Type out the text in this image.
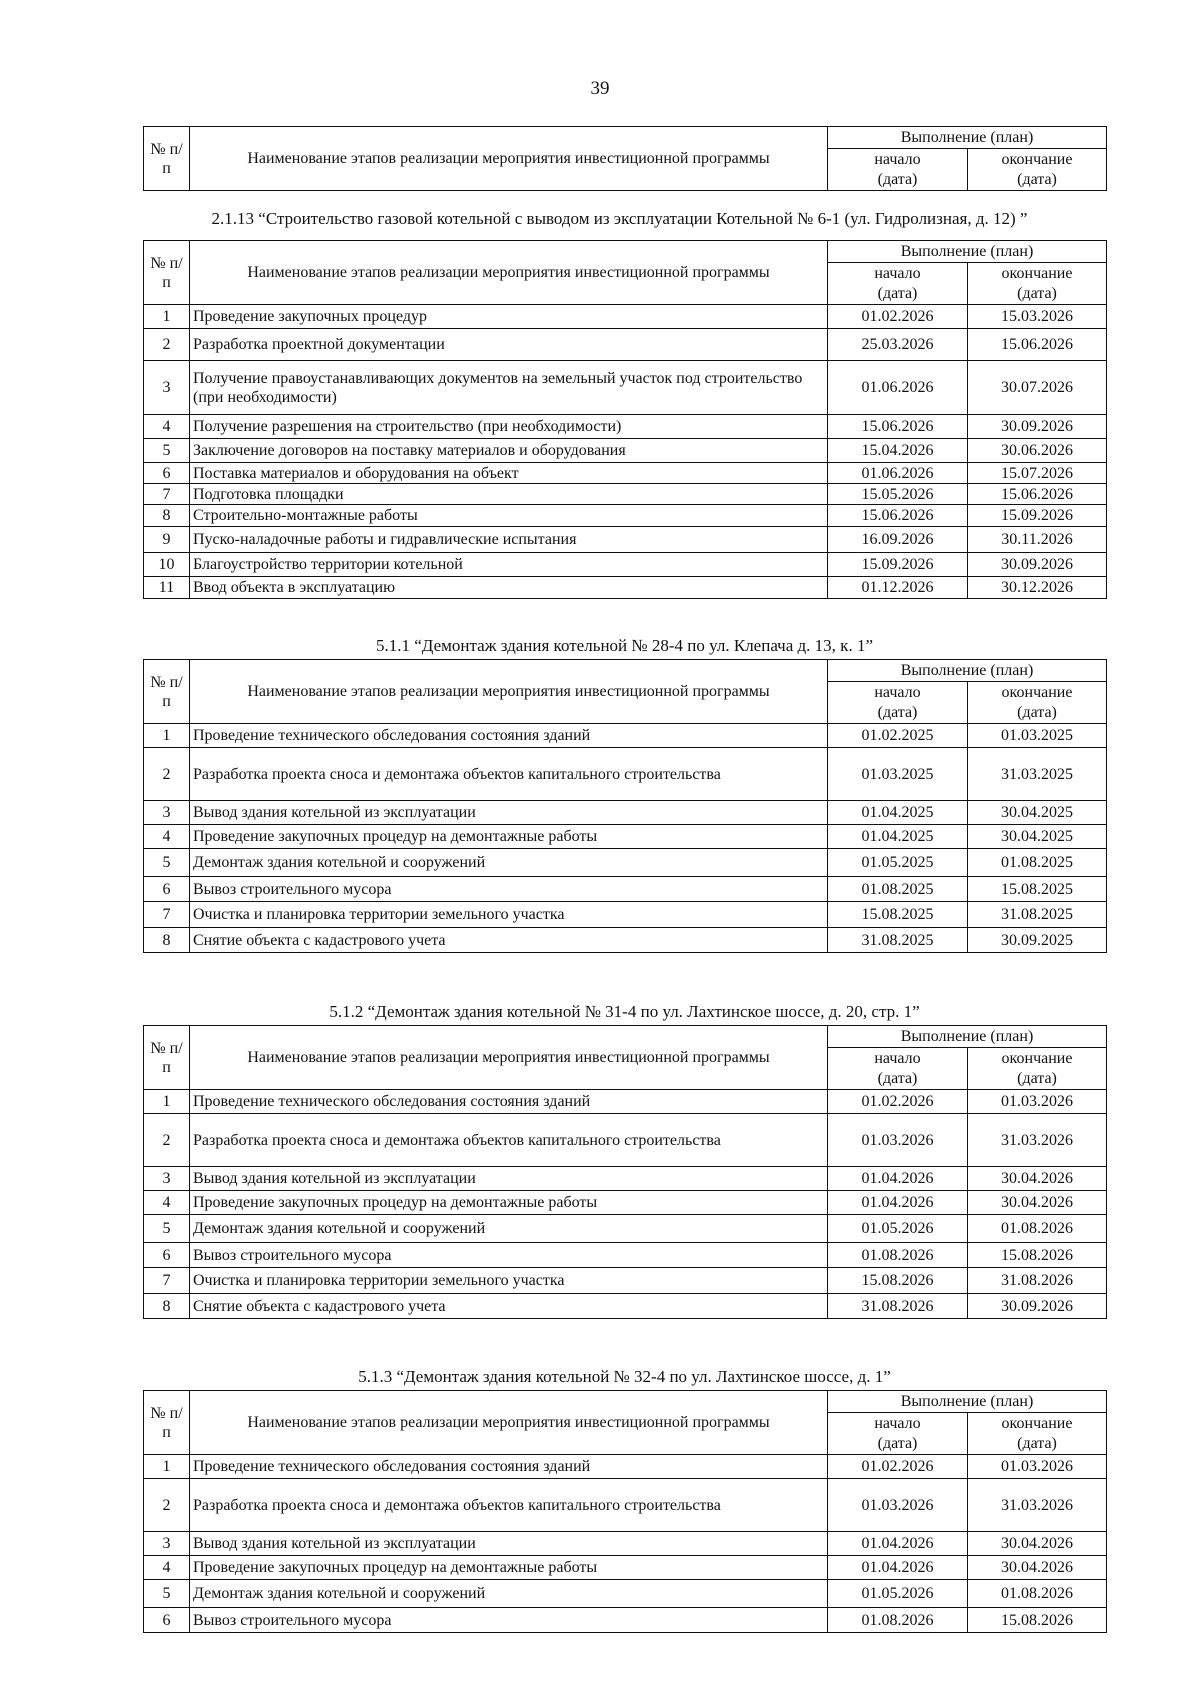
39
№ п/п	Наименование этапов реализации мероприятия инвестиционной программы	Выполнение (план)	
		начало	окончание
		(дата)	(дата)
2.1.13 “Строительство газовой котельной с выводом из эксплуатации Котельной № 6-1 (ул. Гидролизная, д. 12) ”
№ п/п	Наименование этапов реализации мероприятия инвестиционной программы	Выполнение (план)	
		начало	окончание
		(дата)	(дата)
1	Проведение закупочных процедур	01.02.2026	15.03.2026
2	Разработка проектной документации	25.03.2026	15.06.2026
3	Получение правоустанавливающих документов на земельный участок под строительство (при необходимости)	01.06.2026	30.07.2026
4	Получение разрешения на строительство (при необходимости)	15.06.2026	30.09.2026
5	Заключение договоров на поставку материалов и оборудования	15.04.2026	30.06.2026
6	Поставка материалов и оборудования на объект	01.06.2026	15.07.2026
7	Подготовка площадки	15.05.2026	15.06.2026
8	Строительно-монтажные работы	15.06.2026	15.09.2026
9	Пуско-наладочные работы и гидравлические испытания	16.09.2026	30.11.2026
10	Благоустройство территории котельной	15.09.2026	30.09.2026
11	Ввод объекта в эксплуатацию	01.12.2026	30.12.2026
5.1.1 “Демонтаж здания котельной № 28-4 по ул. Клепача д. 13, к. 1”
№ п/п	Наименование этапов реализации мероприятия инвестиционной программы	Выполнение (план)	
		начало	окончание
		(дата)	(дата)
1	Проведение технического обследования состояния зданий	01.02.2025	01.03.2025
2	Разработка проекта сноса и демонтажа объектов капитального строительства	01.03.2025	31.03.2025
3	Вывод здания котельной из эксплуатации	01.04.2025	30.04.2025
4	Проведение закупочных процедур на демонтажные работы	01.04.2025	30.04.2025
5	Демонтаж здания котельной и сооружений	01.05.2025	01.08.2025
6	Вывоз строительного мусора	01.08.2025	15.08.2025
7	Очистка и планировка территории земельного участка	15.08.2025	31.08.2025
8	Снятие объекта с кадастрового учета	31.08.2025	30.09.2025
5.1.2 “Демонтаж здания котельной № 31-4 по ул. Лахтинское шоссе, д. 20, стр. 1”
№ п/п	Наименование этапов реализации мероприятия инвестиционной программы	Выполнение (план)	
		начало	окончание
		(дата)	(дата)
1	Проведение технического обследования состояния зданий	01.02.2026	01.03.2026
2	Разработка проекта сноса и демонтажа объектов капитального строительства	01.03.2026	31.03.2026
3	Вывод здания котельной из эксплуатации	01.04.2026	30.04.2026
4	Проведение закупочных процедур на демонтажные работы	01.04.2026	30.04.2026
5	Демонтаж здания котельной и сооружений	01.05.2026	01.08.2026
6	Вывоз строительного мусора	01.08.2026	15.08.2026
7	Очистка и планировка территории земельного участка	15.08.2026	31.08.2026
8	Снятие объекта с кадастрового учета	31.08.2026	30.09.2026
5.1.3 “Демонтаж здания котельной № 32-4 по ул. Лахтинское шоссе, д. 1”
№ п/п	Наименование этапов реализации мероприятия инвестиционной программы	Выполнение (план)	
		начало	окончание
		(дата)	(дата)
1	Проведение технического обследования состояния зданий	01.02.2026	01.03.2026
2	Разработка проекта сноса и демонтажа объектов капитального строительства	01.03.2026	31.03.2026
3	Вывод здания котельной из эксплуатации	01.04.2026	30.04.2026
4	Проведение закупочных процедур на демонтажные работы	01.04.2026	30.04.2026
5	Демонтаж здания котельной и сооружений	01.05.2026	01.08.2026
6	Вывоз строительного мусора	01.08.2026	15.08.2026
